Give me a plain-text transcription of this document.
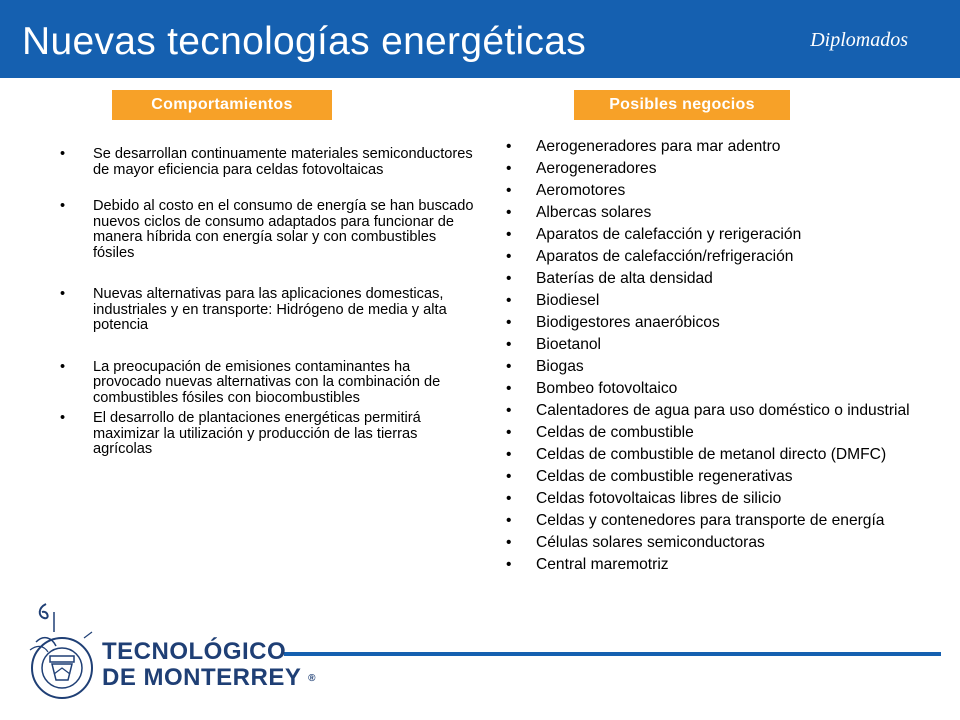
Nuevas tecnologías energéticas	Diplomados
Comportamientos	Posibles negocios
• Se desarrollan continuamente materiales semiconductores de mayor eficiencia para celdas fotovoltaicas
• Debido al costo en el consumo de energía se han buscado nuevos ciclos de consumo adaptados para funcionar de manera híbrida con energía solar y con combustibles fósiles
• Nuevas alternativas para las aplicaciones domesticas, industriales y en transporte: Hidrógeno de media y alta potencia
• La preocupación de emisiones contaminantes ha provocado nuevas alternativas con la combinación de combustibles fósiles con biocombustibles
• El desarrollo de plantaciones energéticas permitirá maximizar la utilización y producción de las tierras agrícolas
• Aerogeneradores para mar adentro
• Aerogeneradores
• Aeromotores
• Albercas solares
• Aparatos de calefacción y rerigeración
• Aparatos de calefacción/refrigeración
• Baterías de alta densidad
• Biodiesel
• Biodigestores anaeróbicos
• Bioetanol
• Biogas
• Bombeo fotovoltaico
• Calentadores de agua para uso doméstico o industrial
• Celdas de combustible
• Celdas de combustible de metanol directo (DMFC)
• Celdas de combustible regenerativas
• Celdas fotovoltaicas libres de silicio
• Celdas y contenedores para transporte de energía
• Células solares semiconductoras
• Central maremotriz
TECNOLÓGICO
DE MONTERREY ®
